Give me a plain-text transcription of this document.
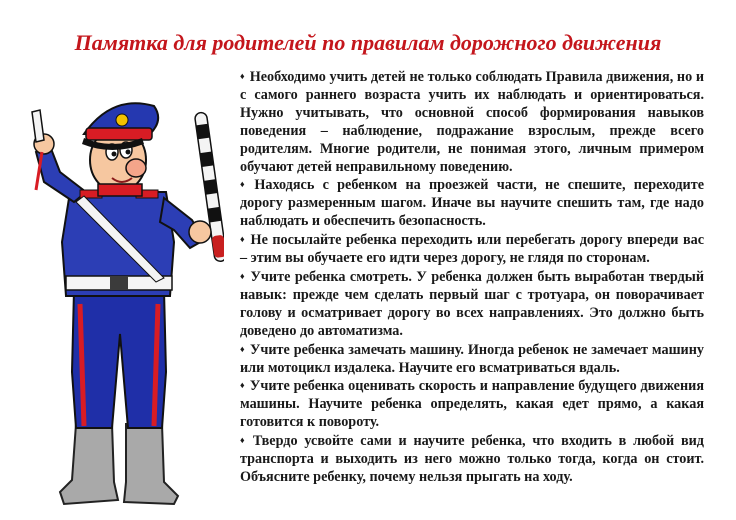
Памятка для родителей по правилам дорожного движения

♦ Необходимо учить детей не только соблюдать Правила движения, но и с самого раннего возраста учить их наблюдать и ориентироваться. Нужно учитывать, что основной способ формирования навыков поведения – наблюдение, подражание взрослым, прежде всего родителям. Многие родители, не понимая этого, личным примером обучают детей неправильному поведению.

♦ Находясь с ребенком на проезжей части, не спешите, переходите дорогу размеренным шагом. Иначе вы научите спешить там, где надо наблюдать и обеспечить безопасность.

♦ Не посылайте ребенка переходить или перебегать дорогу впереди вас – этим вы обучаете его идти через дорогу, не глядя по сторонам.

♦ Учите ребенка смотреть. У ребенка должен быть выработан твердый навык: прежде чем сделать первый шаг с тротуара, он поворачивает голову и осматривает дорогу во всех направлениях. Это должно быть доведено до автоматизма.

♦ Учите ребенка замечать машину. Иногда ребенок не замечает машину или мотоцикл издалека. Научите его всматриваться вдаль.

♦ Учите ребенка оценивать скорость и направление будущего движения машины. Научите ребенка определять, какая едет прямо, а какая готовится к повороту.

♦ Твердо усвойте сами и научите ребенка, что входить в любой вид транспорта и выходить из него можно только тогда, когда он стоит. Объясните ребенку, почему нельзя прыгать на ходу.
